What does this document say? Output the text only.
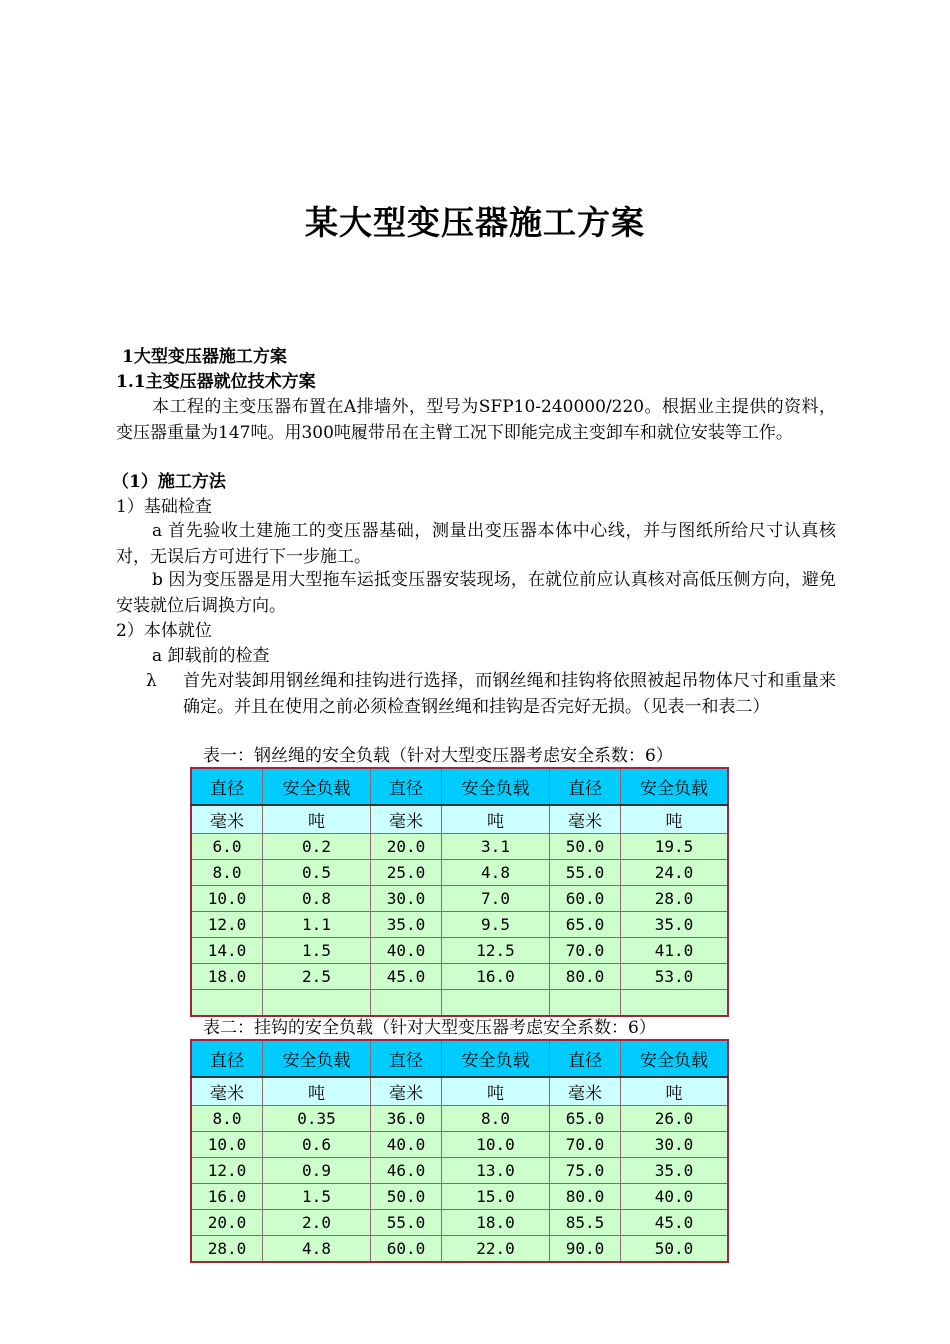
某大型变压器施工方案
1大型变压器施工方案
1.1主变压器就位技术方案
本工程的主变压器布置在A排墙外，型号为SFP10-240000/220。根据业主提供的资料，变压器重量为147吨。用300吨履带吊在主臂工况下即能完成主变卸车和就位安装等工作。
（1）施工方法
1）基础检查
a 首先验收土建施工的变压器基础，测量出变压器本体中心线，并与图纸所给尺寸认真核对，无误后方可进行下一步施工。
b 因为变压器是用大型拖车运抵变压器安装现场，在就位前应认真核对高低压侧方向，避免安装就位后调换方向。
2）本体就位
a 卸载前的检查
λ 首先对装卸用钢丝绳和挂钩进行选择，而钢丝绳和挂钩将依照被起吊物体尺寸和重量来确定。并且在使用之前必须检查钢丝绳和挂钩是否完好无损。（见表一和表二）
表一：钢丝绳的安全负载（针对大型变压器考虑安全系数：6）
直径	安全负载	直径	安全负载	直径	安全负载
毫米	吨	毫米	吨	毫米	吨
6.0	0.2	20.0	3.1	50.0	19.5
8.0	0.5	25.0	4.8	55.0	24.0
10.0	0.8	30.0	7.0	60.0	28.0
12.0	1.1	35.0	9.5	65.0	35.0
14.0	1.5	40.0	12.5	70.0	41.0
18.0	2.5	45.0	16.0	80.0	53.0

表二：挂钩的安全负载（针对大型变压器考虑安全系数：6）
直径	安全负载	直径	安全负载	直径	安全负载
毫米	吨	毫米	吨	毫米	吨
8.0	0.35	36.0	8.0	65.0	26.0
10.0	0.6	40.0	10.0	70.0	30.0
12.0	0.9	46.0	13.0	75.0	35.0
16.0	1.5	50.0	15.0	80.0	40.0
20.0	2.0	55.0	18.0	85.5	45.0
28.0	4.8	60.0	22.0	90.0	50.0
